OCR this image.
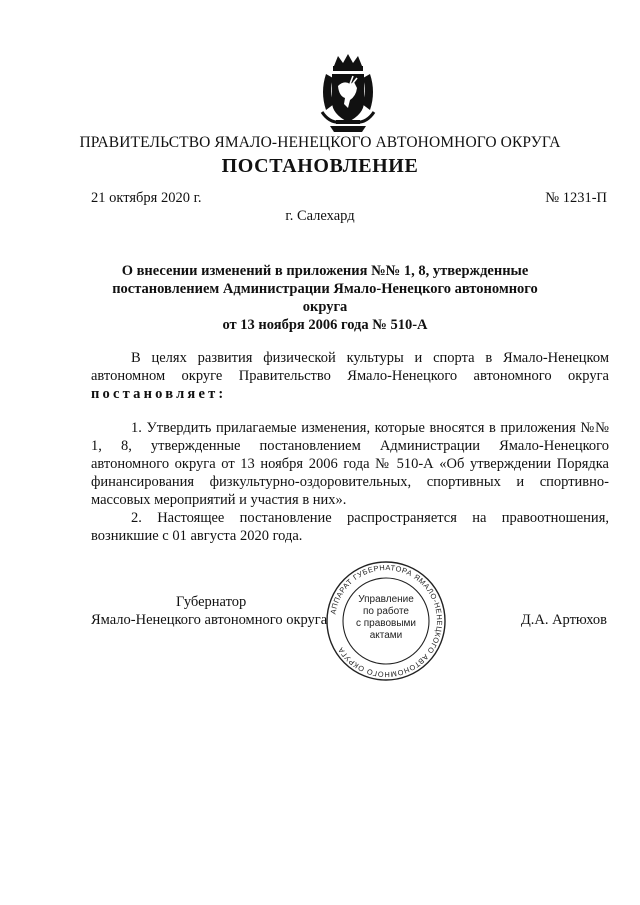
ПРАВИТЕЛЬСТВО ЯМАЛО-НЕНЕЦКОГО АВТОНОМНОГО ОКРУГА
ПОСТАНОВЛЕНИЕ
21 октября 2020 г.	№ 1231-П
г. Салехард
О внесении изменений в приложения №№ 1, 8, утвержденные
постановлением Администрации Ямало-Ненецкого автономного округа
от 13 ноября 2006 года № 510-А

В целях развития физической культуры и спорта в Ямало-Ненецком автономном округе Правительство Ямало-Ненецкого автономного округа постановляет:

1. Утвердить прилагаемые изменения, которые вносятся в приложения №№ 1, 8, утвержденные постановлением Администрации Ямало-Ненецкого автономного округа от 13 ноября 2006 года № 510-А «Об утверждении Порядка финансирования физкультурно-оздоровительных, спортивных и спортивно-массовых мероприятий и участия в них».

2. Настоящее постановление распространяется на правоотношения, возникшие с 01 августа 2020 года.

Губернатор
Ямало-Ненецкого автономного округа	Д.А. Артюхов
АППАРАТ ГУБЕРНАТОРА ЯМАЛО-НЕНЕЦКОГО АВТОНОМНОГО ОКРУГА
Управление
по работе
с правовыми
актами
